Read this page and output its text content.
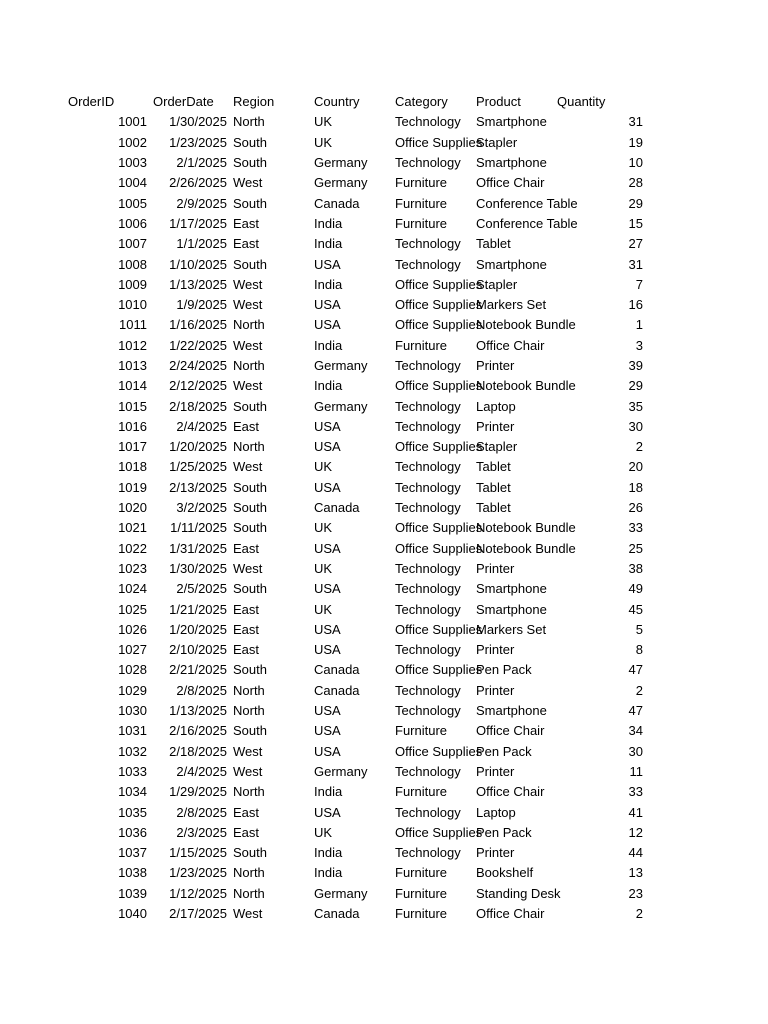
OrderID	OrderDate	Region	Country	Category	Product	Quantity
1001	1/30/2025	North	UK	Technology	Smartphone	31
1002	1/23/2025	South	UK	Office Supplies	Stapler	19
1003	2/1/2025	South	Germany	Technology	Smartphone	10
1004	2/26/2025	West	Germany	Furniture	Office Chair	28
1005	2/9/2025	South	Canada	Furniture	Conference Table	29
1006	1/17/2025	East	India	Furniture	Conference Table	15
1007	1/1/2025	East	India	Technology	Tablet	27
1008	1/10/2025	South	USA	Technology	Smartphone	31
1009	1/13/2025	West	India	Office Supplies	Stapler	7
1010	1/9/2025	West	USA	Office Supplies	Markers Set	16
1011	1/16/2025	North	USA	Office Supplies	Notebook Bundle	1
1012	1/22/2025	West	India	Furniture	Office Chair	3
1013	2/24/2025	North	Germany	Technology	Printer	39
1014	2/12/2025	West	India	Office Supplies	Notebook Bundle	29
1015	2/18/2025	South	Germany	Technology	Laptop	35
1016	2/4/2025	East	USA	Technology	Printer	30
1017	1/20/2025	North	USA	Office Supplies	Stapler	2
1018	1/25/2025	West	UK	Technology	Tablet	20
1019	2/13/2025	South	USA	Technology	Tablet	18
1020	3/2/2025	South	Canada	Technology	Tablet	26
1021	1/11/2025	South	UK	Office Supplies	Notebook Bundle	33
1022	1/31/2025	East	USA	Office Supplies	Notebook Bundle	25
1023	1/30/2025	West	UK	Technology	Printer	38
1024	2/5/2025	South	USA	Technology	Smartphone	49
1025	1/21/2025	East	UK	Technology	Smartphone	45
1026	1/20/2025	East	USA	Office Supplies	Markers Set	5
1027	2/10/2025	East	USA	Technology	Printer	8
1028	2/21/2025	South	Canada	Office Supplies	Pen Pack	47
1029	2/8/2025	North	Canada	Technology	Printer	2
1030	1/13/2025	North	USA	Technology	Smartphone	47
1031	2/16/2025	South	USA	Furniture	Office Chair	34
1032	2/18/2025	West	USA	Office Supplies	Pen Pack	30
1033	2/4/2025	West	Germany	Technology	Printer	11
1034	1/29/2025	North	India	Furniture	Office Chair	33
1035	2/8/2025	East	USA	Technology	Laptop	41
1036	2/3/2025	East	UK	Office Supplies	Pen Pack	12
1037	1/15/2025	South	India	Technology	Printer	44
1038	1/23/2025	North	India	Furniture	Bookshelf	13
1039	1/12/2025	North	Germany	Furniture	Standing Desk	23
1040	2/17/2025	West	Canada	Furniture	Office Chair	2
